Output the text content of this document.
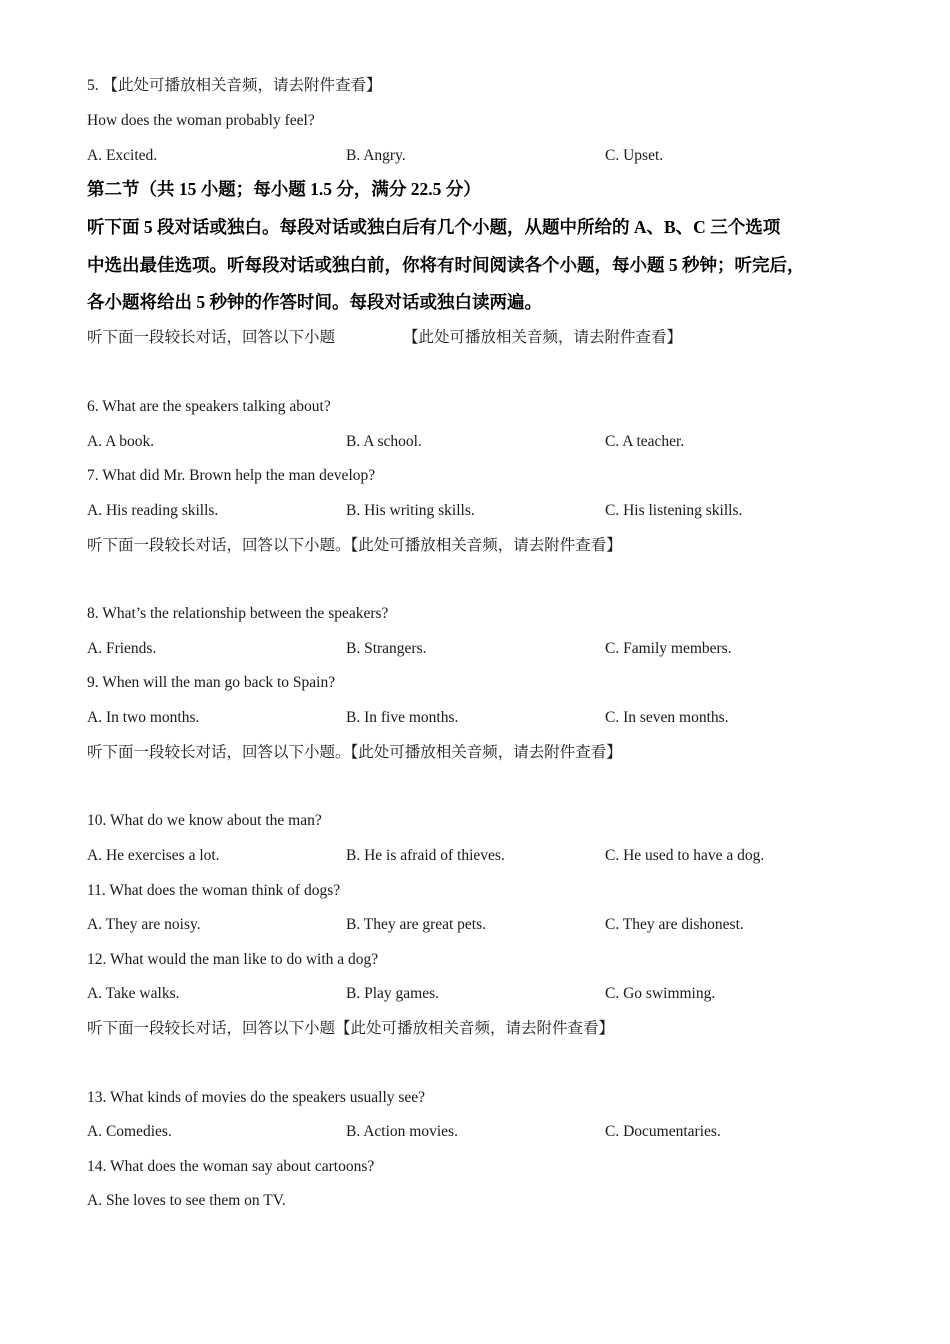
5. 【此处可播放相关音频，请去附件查看】
How does the woman probably feel?
A. Excited.	B. Angry.	C. Upset.
第二节（共 15 小题；每小题 1.5 分，满分 22.5 分）
听下面 5 段对话或独白。每段对话或独白后有几个小题，从题中所给的 A、B、C 三个选项
中选出最佳选项。听每段对话或独白前，你将有时间阅读各个小题，每小题 5 秒钟；听完后，
各小题将给出 5 秒钟的作答时间。每段对话或独白读两遍。
听下面一段较长对话，回答以下小题	【此处可播放相关音频，请去附件查看】
6. What are the speakers talking about?
A. A book.	B. A school.	C. A teacher.
7. What did Mr. Brown help the man develop?
A. His reading skills.	B. His writing skills.	C. His listening skills.
听下面一段较长对话，回答以下小题。【此处可播放相关音频，请去附件查看】
8. What’s the relationship between the speakers?
A. Friends.	B. Strangers.	C. Family members.
9. When will the man go back to Spain?
A. In two months.	B. In five months.	C. In seven months.
听下面一段较长对话，回答以下小题。【此处可播放相关音频，请去附件查看】
10. What do we know about the man?
A. He exercises a lot.	B. He is afraid of thieves.	C. He used to have a dog.
11. What does the woman think of dogs?
A. They are noisy.	B. They are great pets.	C. They are dishonest.
12. What would the man like to do with a dog?
A. Take walks.	B. Play games.	C. Go swimming.
听下面一段较长对话，回答以下小题【此处可播放相关音频，请去附件查看】
13. What kinds of movies do the speakers usually see?
A. Comedies.	B. Action movies.	C. Documentaries.
14. What does the woman say about cartoons?
A. She loves to see them on TV.
